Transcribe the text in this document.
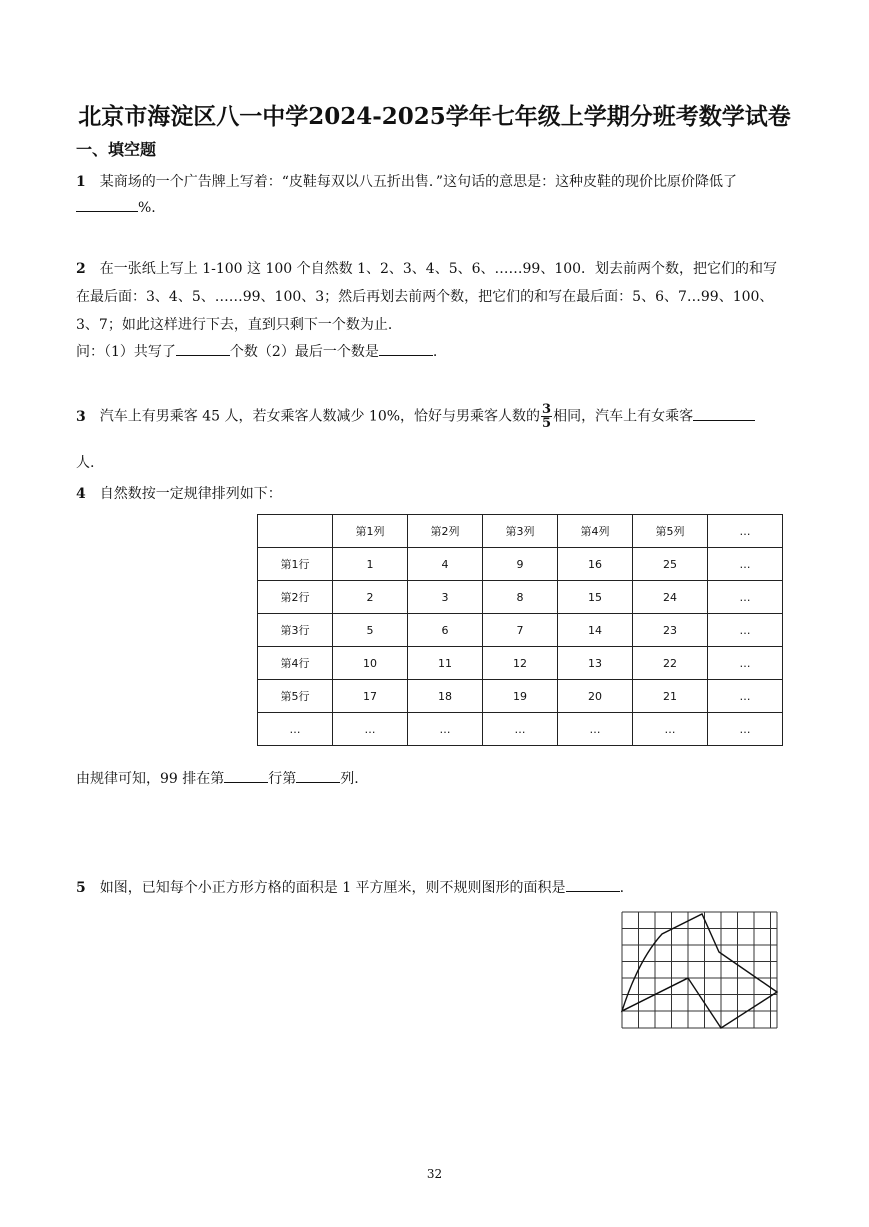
北京市海淀区八一中学2024-2025学年七年级上学期分班考数学试卷
一、填空题
1 某商场的一个广告牌上写着：“皮鞋每双以八五折出售．”这句话的意思是：这种皮鞋的现价比原价降低了
%.
2 在一张纸上写上 1-100 这 100 个自然数 1、2、3、4、5、6、……99、100．划去前两个数，把它们的和写
在最后面：3、4、5、……99、100、3；然后再划去前两个数，把它们的和写在最后面：5、6、7…99、100、
3、7；如此这样进行下去，直到只剩下一个数为止．
问：（1）共写了	个数（2）最后一个数是	.
3 汽车上有男乘客 45 人，若女乘客人数减少 10%，恰好与男乘客人数的 $\frac{3}{5}$ 相同，汽车上有女乘客
人.
4 自然数按一定规律排列如下：
	第1列	第2列	第3列	第4列	第5列	…
第1行	1	4	9	16	25	…
第2行	2	3	8	15	24	…
第3行	5	6	7	14	23	…
第4行	10	11	12	13	22	…
第5行	17	18	19	20	21	…
…	…	…	…	…	…	…
由规律可知，99 排在第	行第	列.
5 如图，已知每个小正方形方格的面积是 1 平方厘米，则不规则图形的面积是	.
32
